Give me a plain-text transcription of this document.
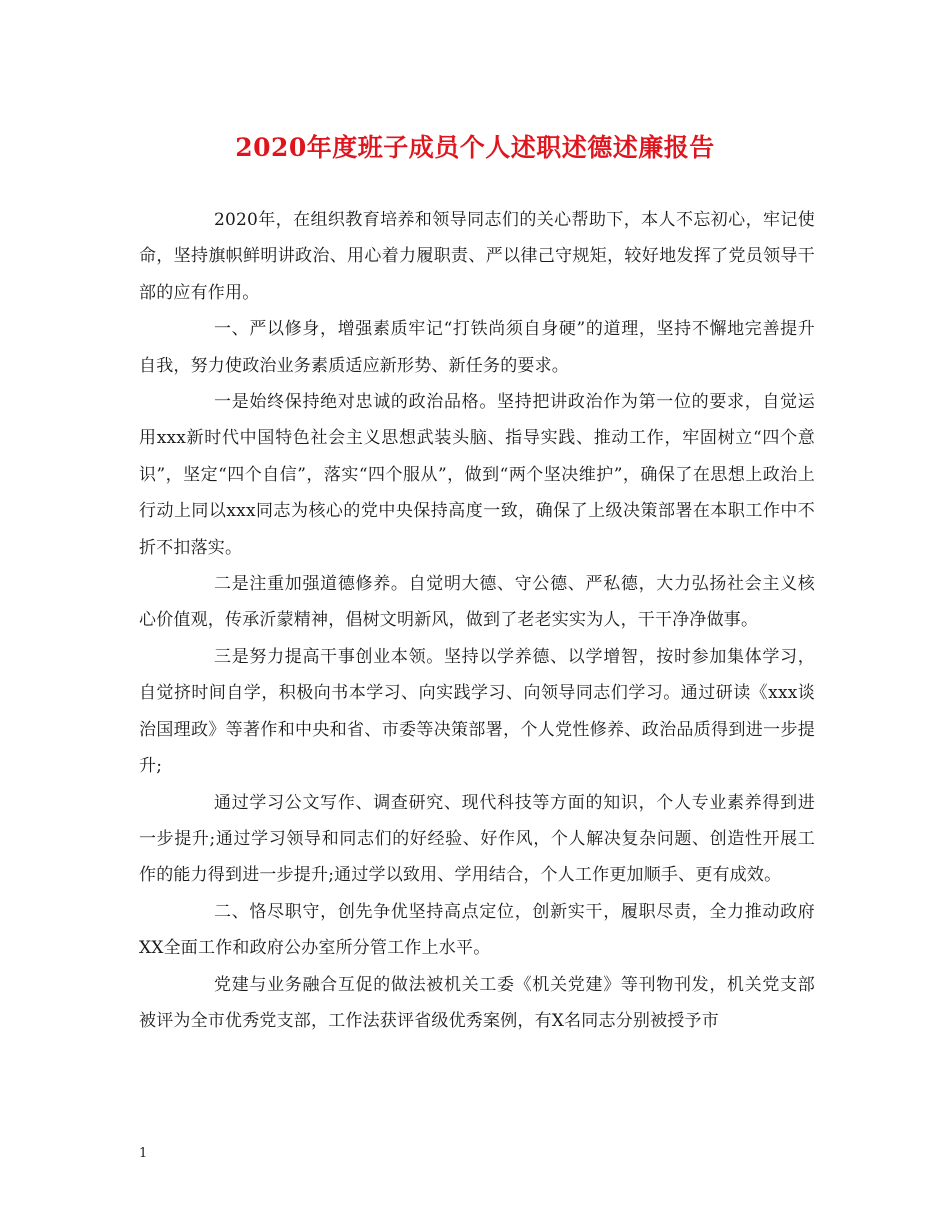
2020年度班子成员个人述职述德述廉报告

2020年，在组织教育培养和领导同志们的关心帮助下，本人不忘初心，牢记使命，坚持旗帜鲜明讲政治、用心着力履职责、严以律己守规矩，较好地发挥了党员领导干部的应有作用。

一、严以修身，增强素质牢记“打铁尚须自身硬”的道理，坚持不懈地完善提升自我，努力使政治业务素质适应新形势、新任务的要求。

一是始终保持绝对忠诚的政治品格。坚持把讲政治作为第一位的要求，自觉运用xxx新时代中国特色社会主义思想武装头脑、指导实践、推动工作，牢固树立“四个意识”，坚定“四个自信”，落实“四个服从”，做到“两个坚决维护”，确保了在思想上政治上行动上同以xxx同志为核心的党中央保持高度一致，确保了上级决策部署在本职工作中不折不扣落实。

二是注重加强道德修养。自觉明大德、守公德、严私德，大力弘扬社会主义核心价值观，传承沂蒙精神，倡树文明新风，做到了老老实实为人，干干净净做事。

三是努力提高干事创业本领。坚持以学养德、以学增智，按时参加集体学习，自觉挤时间自学，积极向书本学习、向实践学习、向领导同志们学习。通过研读《xxx谈治国理政》等著作和中央和省、市委等决策部署，个人党性修养、政治品质得到进一步提升;

通过学习公文写作、调查研究、现代科技等方面的知识，个人专业素养得到进一步提升;通过学习领导和同志们的好经验、好作风，个人解决复杂问题、创造性开展工作的能力得到进一步提升;通过学以致用、学用结合，个人工作更加顺手、更有成效。

二、恪尽职守，创先争优坚持高点定位，创新实干，履职尽责，全力推动政府XX全面工作和政府公办室所分管工作上水平。

党建与业务融合互促的做法被机关工委《机关党建》等刊物刊发，机关党支部被评为全市优秀党支部，工作法获评省级优秀案例，有X名同志分别被授予市

1
